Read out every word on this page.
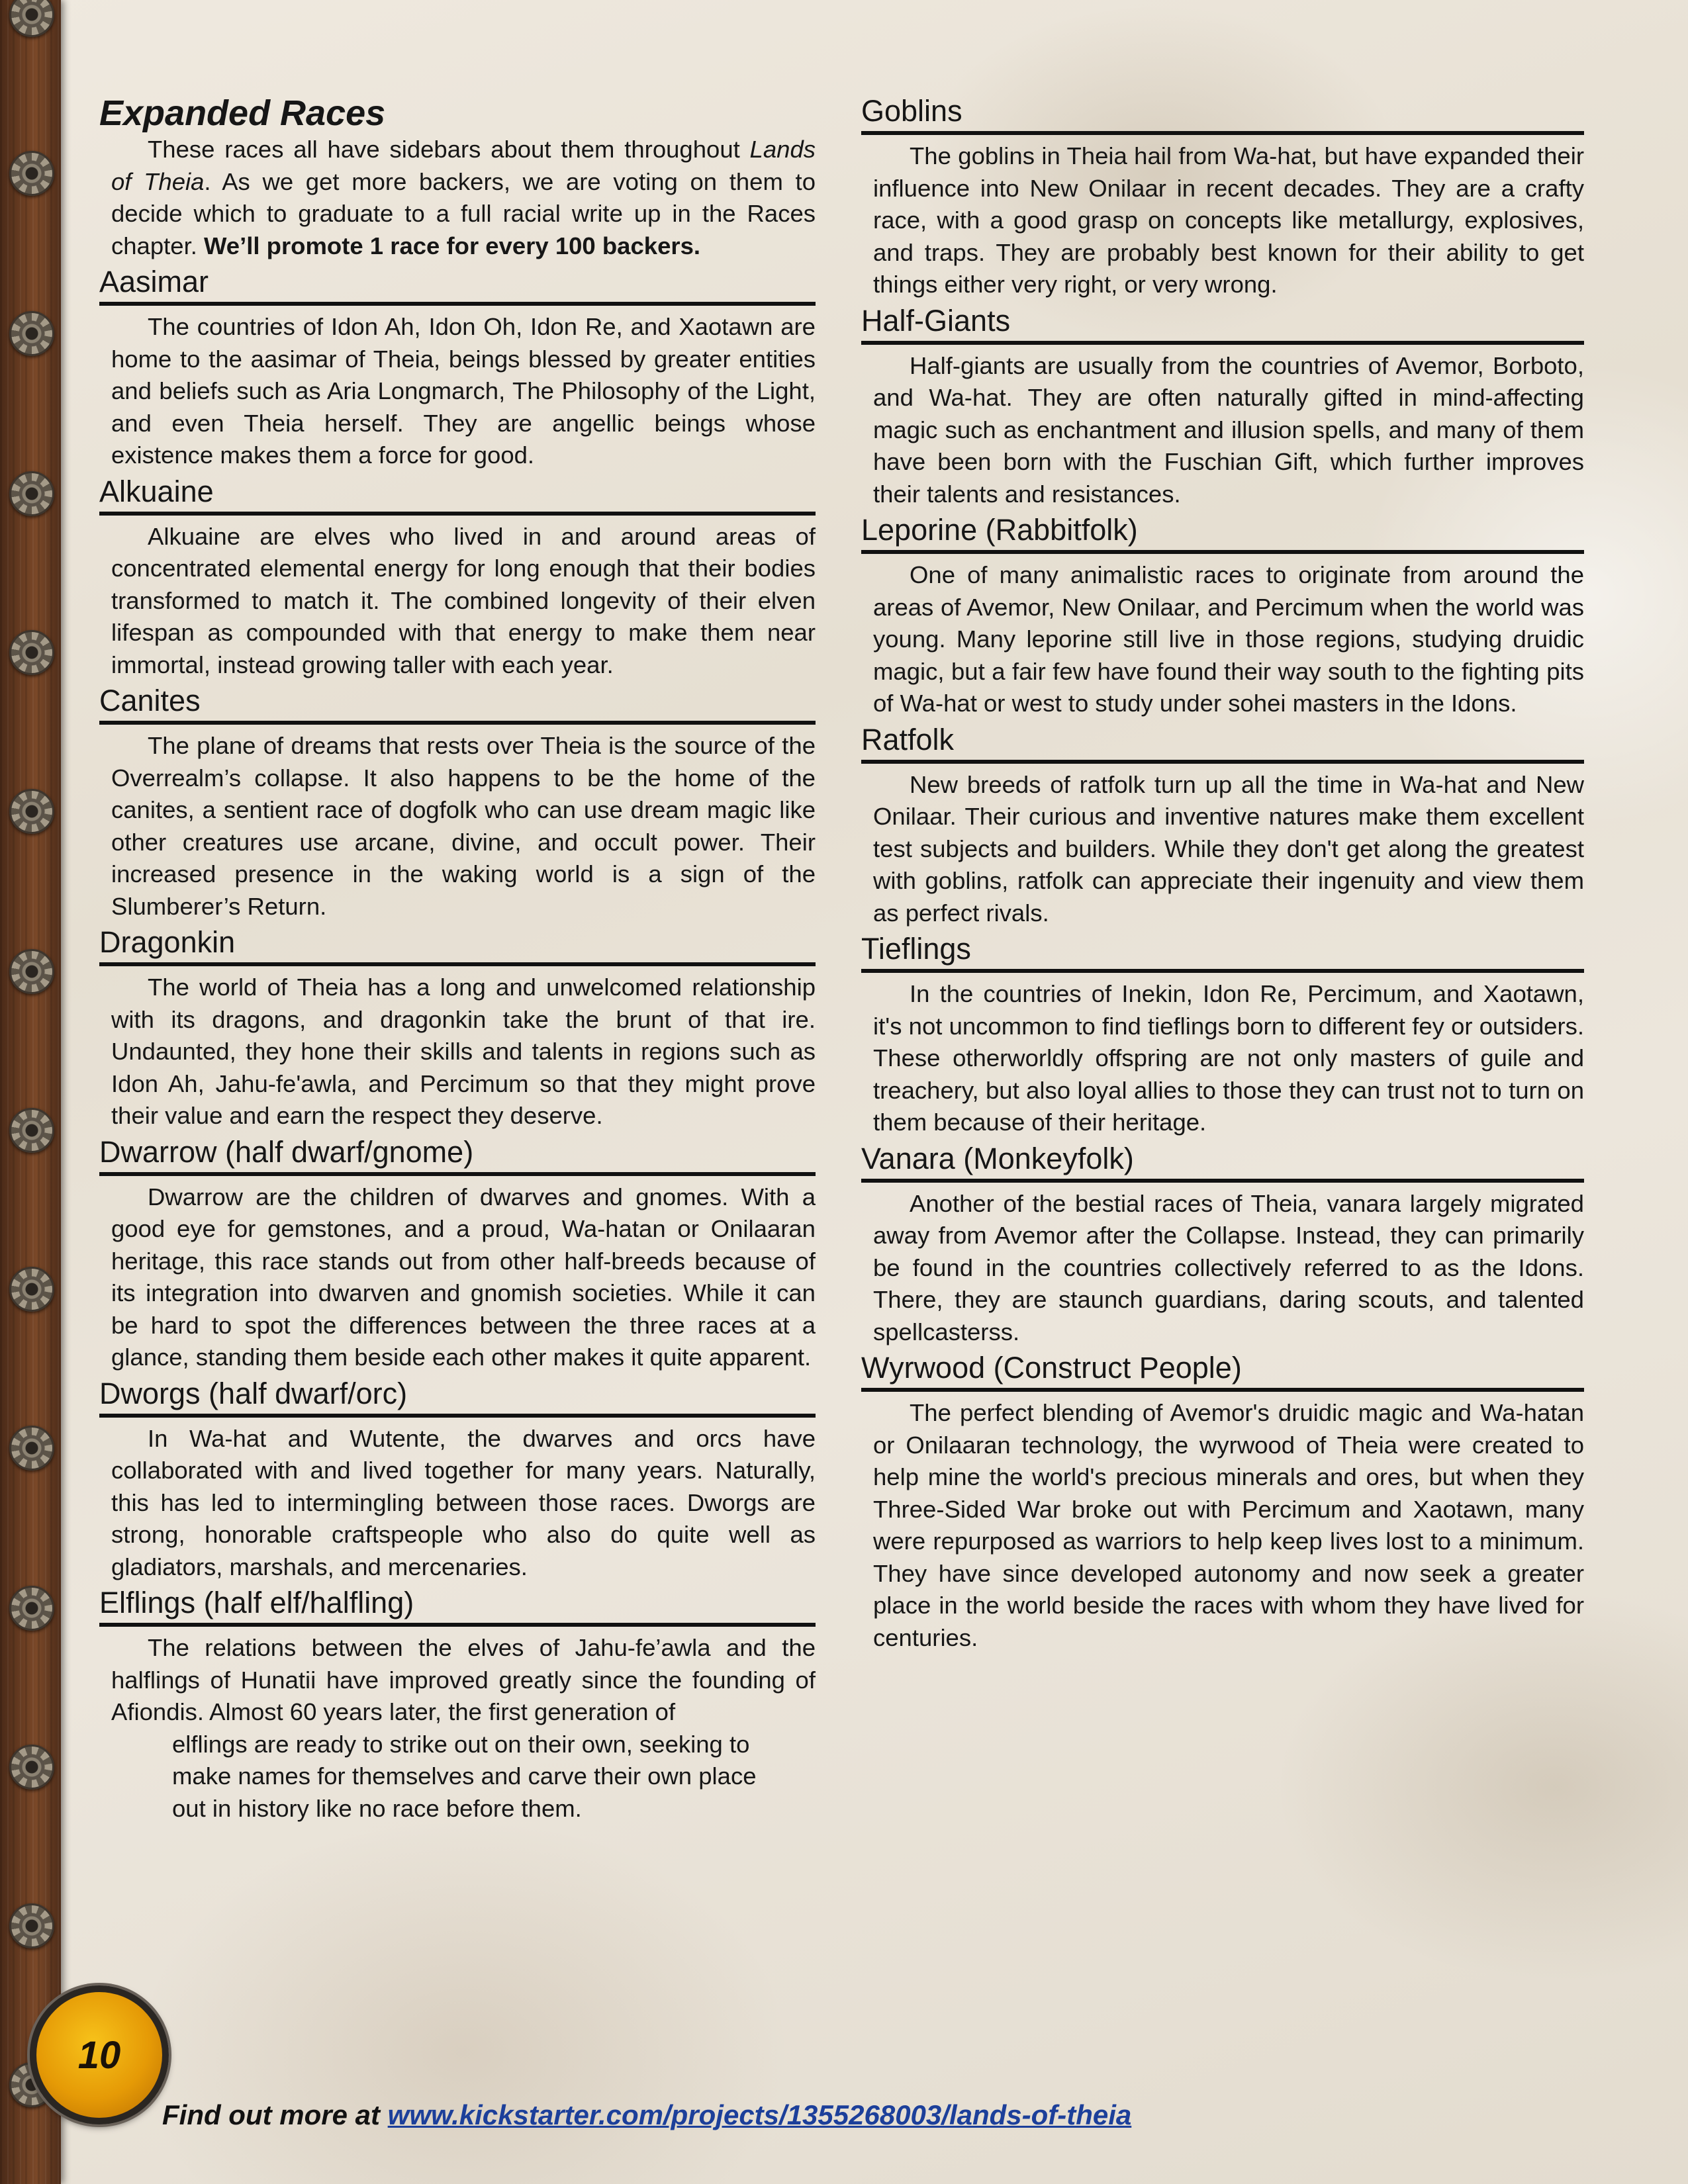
Expanded Races

These races all have sidebars about them throughout Lands of Theia. As we get more backers, we are voting on them to decide which to graduate to a full racial write up in the Races chapter. We’ll promote 1 race for every 100 backers.

Aasimar

The countries of Idon Ah, Idon Oh, Idon Re, and Xaotawn are home to the aasimar of Theia, beings blessed by greater entities and beliefs such as Aria Longmarch, The Philosophy of the Light, and even Theia herself. They are angellic beings whose existence makes them a force for good.

Alkuaine

Alkuaine are elves who lived in and around areas of concentrated elemental energy for long enough that their bodies transformed to match it. The combined longevity of their elven lifespan as compounded with that energy to make them near immortal, instead growing taller with each year.

Canites

The plane of dreams that rests over Theia is the source of the Overrealm’s collapse. It also happens to be the home of the canites, a sentient race of dogfolk who can use dream magic like other creatures use arcane, divine, and occult power. Their increased presence in the waking world is a sign of the Slumberer’s Return.

Dragonkin

The world of Theia has a long and unwelcomed relationship with its dragons, and dragonkin take the brunt of that ire. Undaunted, they hone their skills and talents in regions such as Idon Ah, Jahu-fe'awla, and Percimum so that they might prove their value and earn the respect they deserve.

Dwarrow (half dwarf/gnome)

Dwarrow are the children of dwarves and gnomes. With a good eye for gemstones, and a proud, Wa-hatan or Onilaaran heritage, this race stands out from other half-breeds because of its integration into dwarven and gnomish societies. While it can be hard to spot the differences between the three races at a glance, standing them beside each other makes it quite apparent.

Dworgs (half dwarf/orc)

In Wa-hat and Wutente, the dwarves and orcs have collaborated with and lived together for many years. Naturally, this has led to intermingling between those races. Dworgs are strong, honorable craftspeople who also do quite well as gladiators, marshals, and mercenaries.

Elflings (half elf/halfling)

The relations between the elves of Jahu-fe’awla and the halflings of Hunatii have improved greatly since the founding of Afiondis. Almost 60 years later, the first generation of
elflings are ready to strike out on their own, seeking to
make names for themselves and carve their own place
out in history like no race before them.

Goblins

The goblins in Theia hail from Wa-hat, but have expanded their influence into New Onilaar in recent decades. They are a crafty race, with a good grasp on concepts like metallurgy, explosives, and traps. They are probably best known for their ability to get things either very right, or very wrong.

Half-Giants

Half-giants are usually from the countries of Avemor, Borboto, and Wa-hat. They are often naturally gifted in mind-affecting magic such as enchantment and illusion spells, and many of them have been born with the Fuschian Gift, which further improves their talents and resistances.

Leporine (Rabbitfolk)

One of many animalistic races to originate from around the areas of Avemor, New Onilaar, and Percimum when the world was young. Many leporine still live in those regions, studying druidic magic, but a fair few have found their way south to the fighting pits of Wa-hat or west to study under sohei masters in the Idons.

Ratfolk

New breeds of ratfolk turn up all the time in Wa-hat and New Onilaar. Their curious and inventive natures make them excellent test subjects and builders. While they don't get along the greatest with goblins, ratfolk can appreciate their ingenuity and view them as perfect rivals.

Tieflings

In the countries of Inekin, Idon Re, Percimum, and Xaotawn, it's not uncommon to find tieflings born to different fey or outsiders. These otherworldly offspring are not only masters of guile and treachery, but also loyal allies to those they can trust not to turn on them because of their heritage.

Vanara (Monkeyfolk)

Another of the bestial races of Theia, vanara largely migrated away from Avemor after the Collapse. Instead, they can primarily be found in the countries collectively referred to as the Idons. There, they are staunch guardians, daring scouts, and talented spellcasterss.

Wyrwood (Construct People)

The perfect blending of Avemor's druidic magic and Wa-hatan or Onilaaran technology, the wyrwood of Theia were created to help mine the world's precious minerals and ores, but when they Three-Sided War broke out with Percimum and Xaotawn, many were repurposed as warriors to help keep lives lost to a minimum. They have since developed autonomy and now seek a greater place in the world beside the races with whom they have lived for centuries.

10
Find out more at www.kickstarter.com/projects/1355268003/lands-of-theia
